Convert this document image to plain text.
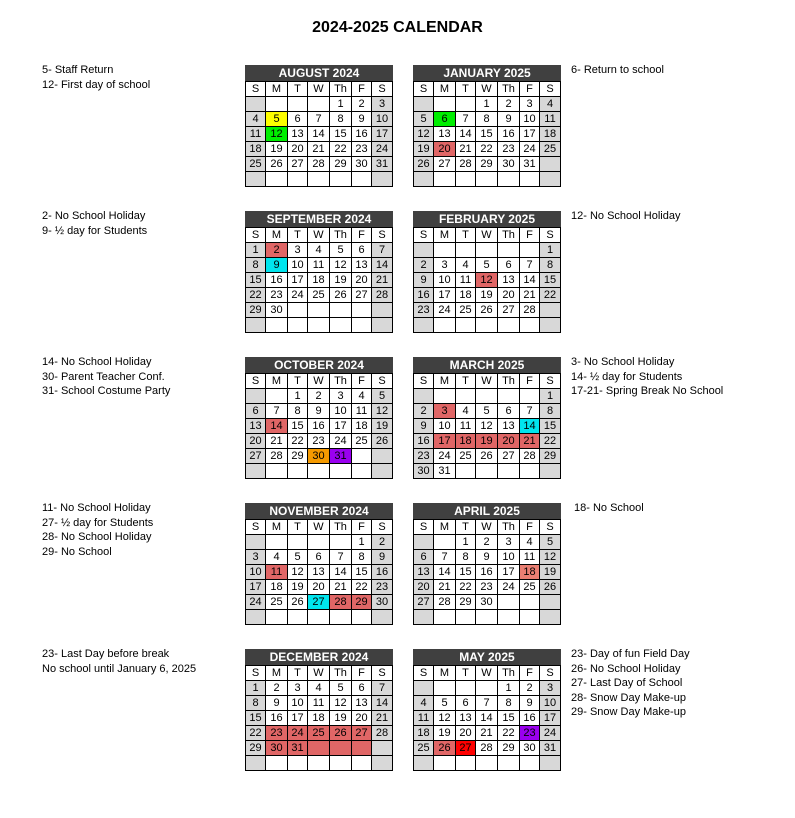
2024-2025 CALENDAR
5- Staff Return
12- First day of school
6- Return to school
2- No School Holiday
9- ½ day for Students
12- No School Holiday
14- No School Holiday
30- Parent Teacher Conf.
31- School Costume Party
3- No School Holiday
14- ½ day for Students
17-21- Spring Break No School
11- No School Holiday
27- ½ day for Students
28- No School Holiday
29- No School
18- No School
23- Last Day before break
No school until January 6, 2025
23- Day of fun Field Day
26- No School Holiday
27- Last Day of School
28- Snow Day Make-up
29- Snow Day Make-up
AUGUST 2024
S	M	T	W	Th	F	S
				1	2	3
4	5	6	7	8	9	10
11	12	13	14	15	16	17
18	19	20	21	22	23	24
25	26	27	28	29	30	31

JANUARY 2025
S	M	T	W	Th	F	S
			1	2	3	4
5	6	7	8	9	10	11
12	13	14	15	16	17	18
19	20	21	22	23	24	25
26	27	28	29	30	31	

SEPTEMBER 2024
S	M	T	W	Th	F	S
1	2	3	4	5	6	7
8	9	10	11	12	13	14
15	16	17	18	19	20	21
22	23	24	25	26	27	28
29	30					

FEBRUARY 2025
S	M	T	W	Th	F	S
						1
2	3	4	5	6	7	8
9	10	11	12	13	14	15
16	17	18	19	20	21	22
23	24	25	26	27	28	

OCTOBER 2024
S	M	T	W	Th	F	S
		1	2	3	4	5
6	7	8	9	10	11	12
13	14	15	16	17	18	19
20	21	22	23	24	25	26
27	28	29	30	31		

MARCH 2025
S	M	T	W	Th	F	S
						1
2	3	4	5	6	7	8
9	10	11	12	13	14	15
16	17	18	19	20	21	22
23	24	25	26	27	28	29
30	31					
NOVEMBER 2024
S	M	T	W	Th	F	S
					1	2
3	4	5	6	7	8	9
10	11	12	13	14	15	16
17	18	19	20	21	22	23
24	25	26	27	28	29	30

APRIL 2025
S	M	T	W	Th	F	S
		1	2	3	4	5
6	7	8	9	10	11	12
13	14	15	16	17	18	19
20	21	22	23	24	25	26
27	28	29	30			

DECEMBER 2024
S	M	T	W	Th	F	S
1	2	3	4	5	6	7
8	9	10	11	12	13	14
15	16	17	18	19	20	21
22	23	24	25	26	27	28
29	30	31				

MAY 2025
S	M	T	W	Th	F	S
				1	2	3
4	5	6	7	8	9	10
11	12	13	14	15	16	17
18	19	20	21	22	23	24
25	26	27	28	29	30	31
